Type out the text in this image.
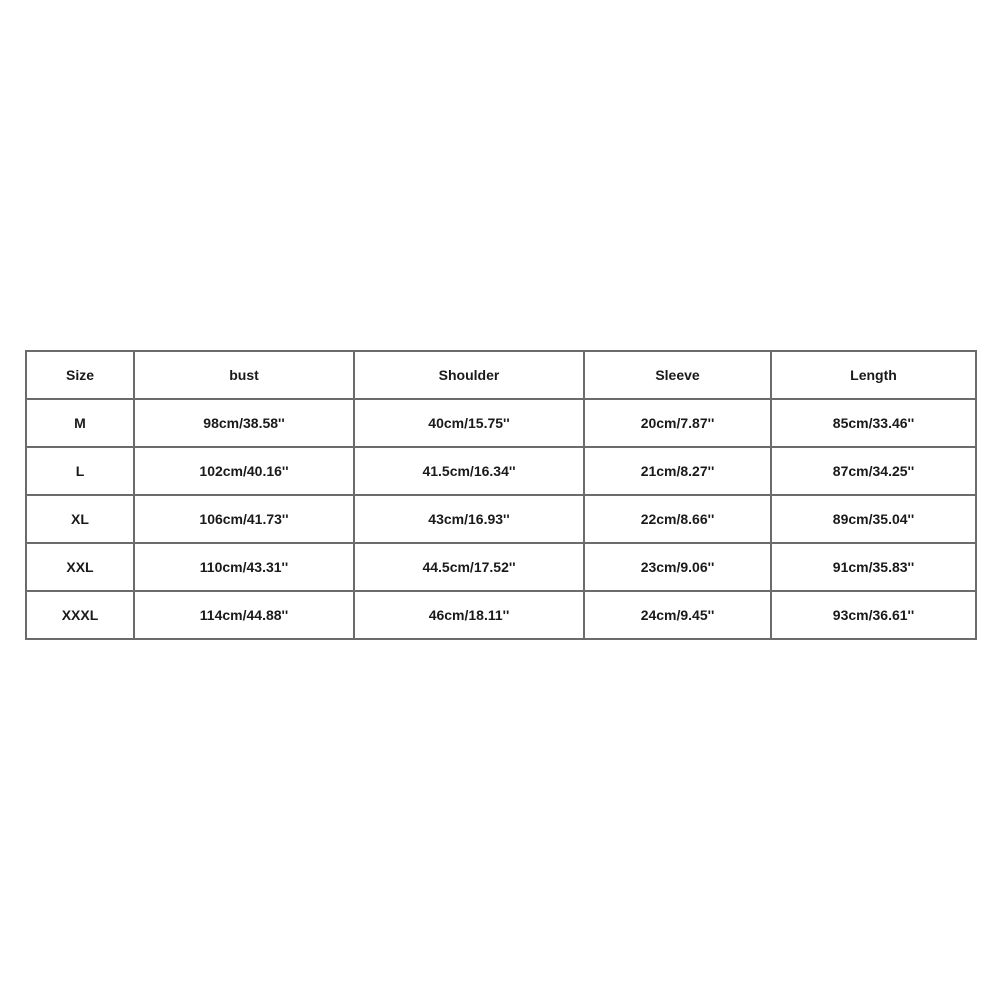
Size	bust	Shoulder	Sleeve	Length
M	98cm/38.58''	40cm/15.75''	20cm/7.87''	85cm/33.46''
L	102cm/40.16''	41.5cm/16.34''	21cm/8.27''	87cm/34.25''
XL	106cm/41.73''	43cm/16.93''	22cm/8.66''	89cm/35.04''
XXL	110cm/43.31''	44.5cm/17.52''	23cm/9.06''	91cm/35.83''
XXXL	114cm/44.88''	46cm/18.11''	24cm/9.45''	93cm/36.61''
